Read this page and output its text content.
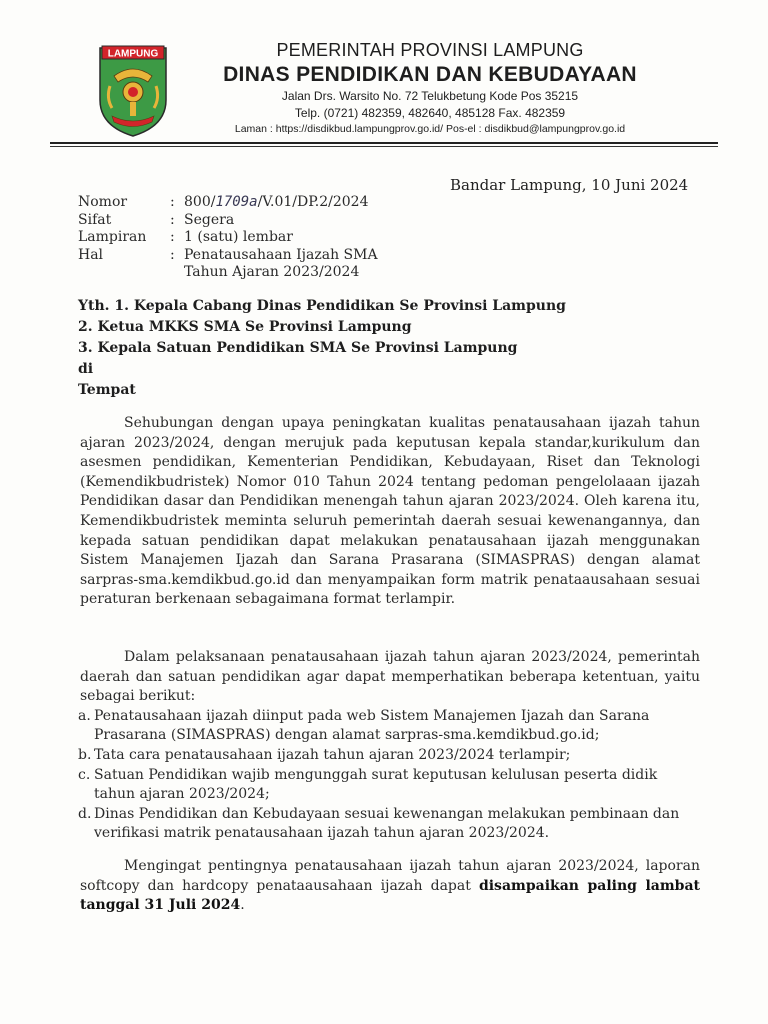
LAMPUNG	PEMERINTAH PROVINSI LAMPUNG
DINAS PENDIDIKAN DAN KEBUDAYAAN
Jalan Drs. Warsito No. 72 Telukbetung Kode Pos 35215
Telp. (0721) 482359, 482640, 485128 Fax. 482359
Laman : https://disdikbud.lampungprov.go.id/ Pos-el : disdikbud@lampungprov.go.id
Bandar Lampung, 10 Juni 2024
Nomor	: 800/1709a/V.01/DP.2/2024
Sifat	: Segera
Lampiran	: 1 (satu) lembar
Hal	: Penatausahaan Ijazah SMA
Tahun Ajaran 2023/2024
Yth. 1. Kepala Cabang Dinas Pendidikan Se Provinsi Lampung
2. Ketua MKKS SMA Se Provinsi Lampung
3. Kepala Satuan Pendidikan SMA Se Provinsi Lampung
di
Tempat

Sehubungan dengan upaya peningkatan kualitas penatausahaan ijazah tahun ajaran 2023/2024, dengan merujuk pada keputusan kepala standar,kurikulum dan asesmen pendidikan, Kementerian Pendidikan, Kebudayaan, Riset dan Teknologi (Kemendikbudristek) Nomor 010 Tahun 2024 tentang pedoman pengelolaaan ijazah Pendidikan dasar dan Pendidikan menengah tahun ajaran 2023/2024. Oleh karena itu, Kemendikbudristek meminta seluruh pemerintah daerah sesuai kewenangannya, dan kepada satuan pendidikan dapat melakukan penatausahaan ijazah menggunakan Sistem Manajemen Ijazah dan Sarana Prasarana (SIMASPRAS) dengan alamat sarpras-sma.kemdikbud.go.id dan menyampaikan form matrik penataausahaan sesuai peraturan berkenaan sebagaimana format terlampir.

Dalam pelaksanaan penatausahaan ijazah tahun ajaran 2023/2024, pemerintah daerah dan satuan pendidikan agar dapat memperhatikan beberapa ketentuan, yaitu sebagai berikut:

a. Penatausahaan ijazah diinput pada web Sistem Manajemen Ijazah dan Sarana Prasarana (SIMASPRAS) dengan alamat sarpras-sma.kemdikbud.go.id;
b. Tata cara penatausahaan ijazah tahun ajaran 2023/2024 terlampir;
c. Satuan Pendidikan wajib mengunggah surat keputusan kelulusan peserta didik tahun ajaran 2023/2024;
d. Dinas Pendidikan dan Kebudayaan sesuai kewenangan melakukan pembinaan dan verifikasi matrik penatausahaan ijazah tahun ajaran 2023/2024.

Mengingat pentingnya penatausahaan ijazah tahun ajaran 2023/2024, laporan softcopy dan hardcopy penataausahaan ijazah dapat disampaikan paling lambat tanggal 31 Juli 2024.
